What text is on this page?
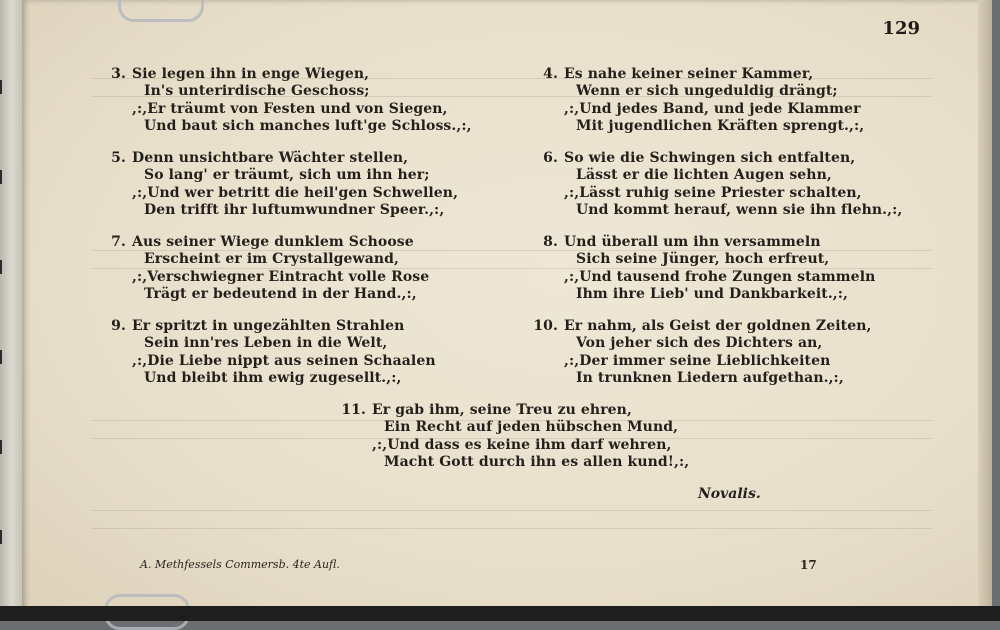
129
3. Sie legen ihn in enge Wiegen,
In's unterirdische Geschoss;
,:,Er träumt von Festen und von Siegen,
Und baut sich manches luft'ge Schloss.,:,
4. Es nahe keiner seiner Kammer,
Wenn er sich ungeduldig drängt;
,:,Und jedes Band, und jede Klammer
Mit jugendlichen Kräften sprengt.,:,
5. Denn unsichtbare Wächter stellen,
So lang' er träumt, sich um ihn her;
,:,Und wer betritt die heil'gen Schwellen,
Den trifft ihr luftumwundner Speer.,:,
6. So wie die Schwingen sich entfalten,
Lässt er die lichten Augen sehn,
,:,Lässt ruhig seine Priester schalten,
Und kommt herauf, wenn sie ihn flehn.,:,
7. Aus seiner Wiege dunklem Schoose
Erscheint er im Crystallgewand,
,:,Verschwiegner Eintracht volle Rose
Trägt er bedeutend in der Hand.,:,
8. Und überall um ihn versammeln
Sich seine Jünger, hoch erfreut,
,:,Und tausend frohe Zungen stammeln
Ihm ihre Lieb' und Dankbarkeit.,:,
9. Er spritzt in ungezählten Strahlen
Sein inn'res Leben in die Welt,
,:,Die Liebe nippt aus seinen Schaalen
Und bleibt ihm ewig zugesellt.,:,
10. Er nahm, als Geist der goldnen Zeiten,
Von jeher sich des Dichters an,
,:,Der immer seine Lieblichkeiten
In trunknen Liedern aufgethan.,:,
11. Er gab ihm, seine Treu zu ehren,
Ein Recht auf jeden hübschen Mund,
,:,Und dass es keine ihm darf wehren,
Macht Gott durch ihn es allen kund!,:,
Novalis.
A. Methfessels Commersb. 4te Aufl.	17
